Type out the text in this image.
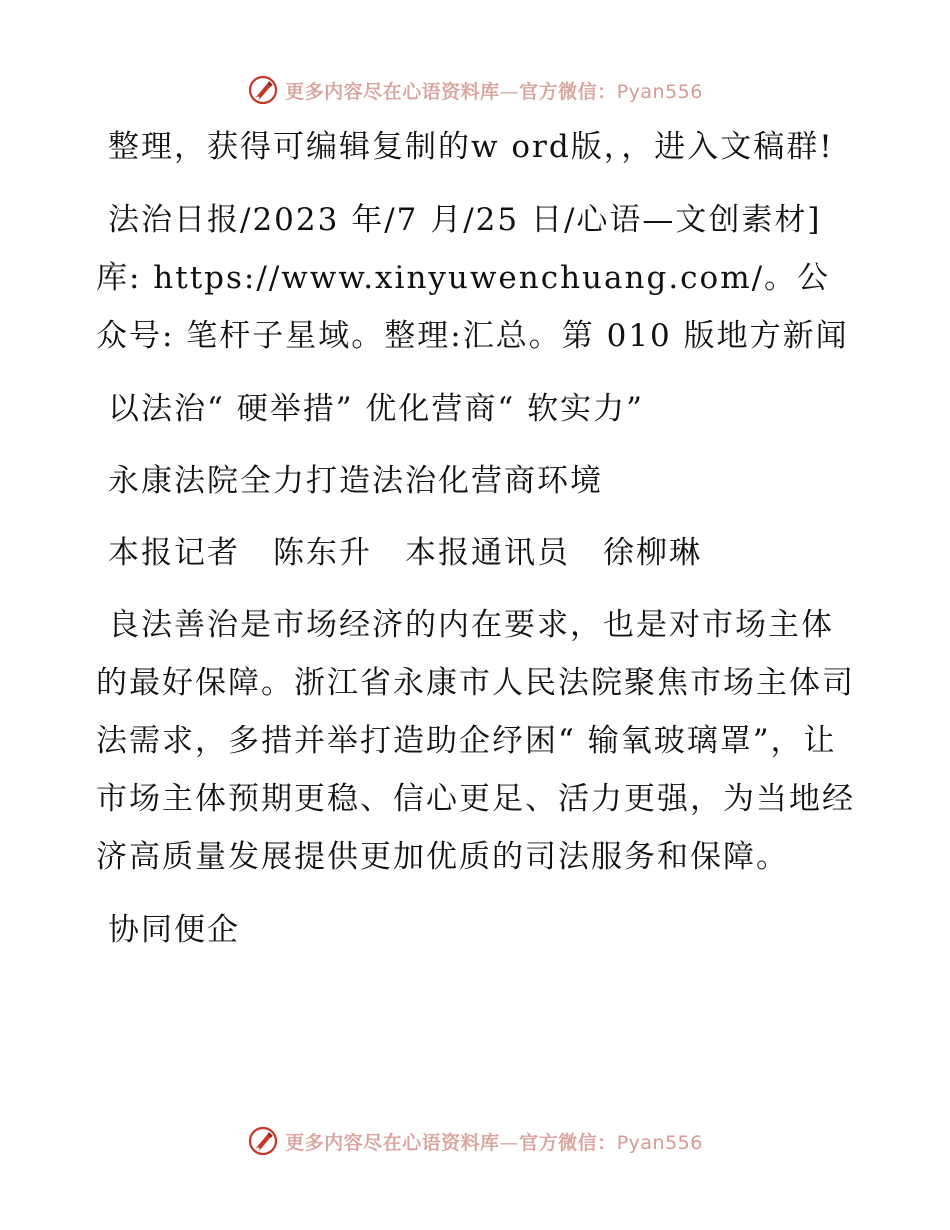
更多内容尽在心语资料库—官方微信：Pyan556

整理，获得可编辑复制的w ord版，，进入文稿群!

法治日报/2023 年/7 月/25 日/心语—文创素材]库: https://www.xinyuwenchuang.com/。公众号: 笔杆子星域。整理:汇总。第 010 版地方新闻

以法治“ 硬举措” 优化营商“ 软实力”

永康法院全力打造法治化营商环境

本报记者　陈东升　本报通讯员　徐柳琳

良法善治是市场经济的内在要求，也是对市场主体的最好保障。浙江省永康市人民法院聚焦市场主体司法需求，多措并举打造助企纾困“ 输氧玻璃罩”，让市场主体预期更稳、信心更足、活力更强，为当地经济高质量发展提供更加优质的司法服务和保障。

协同便企

更多内容尽在心语资料库—官方微信：Pyan556
